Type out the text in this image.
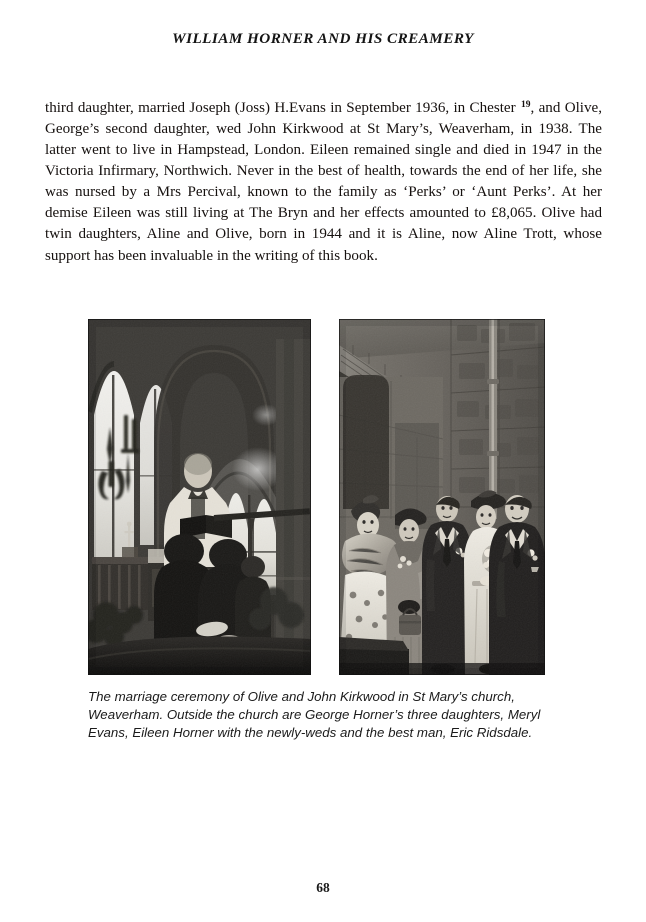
WILLIAM HORNER AND HIS CREAMERY

third daughter, married Joseph (Joss) H.Evans in September 1936, in Chester $^{19}$, and Olive, George’s second daughter, wed John Kirkwood at St Mary’s, Weaverham, in 1938. The latter went to live in Hampstead, London. Eileen remained single and died in 1947 in the Victoria Infirmary, Northwich. Never in the best of health, towards the end of her life, she was nursed by a Mrs Percival, known to the family as ‘Perks’ or ‘Aunt Perks’. At her demise Eileen was still living at The Bryn and her effects amounted to £8,065. Olive had twin daughters, Aline and Olive, born in 1944 and it is Aline, now Aline Trott, whose support has been invaluable in the writing of this book.

The marriage ceremony of Olive and John Kirkwood in St Mary’s church, Weaverham. Outside the church are George Horner’s three daughters, Meryl Evans, Eileen Horner with the newly-weds and the best man, Eric Ridsdale.
68
